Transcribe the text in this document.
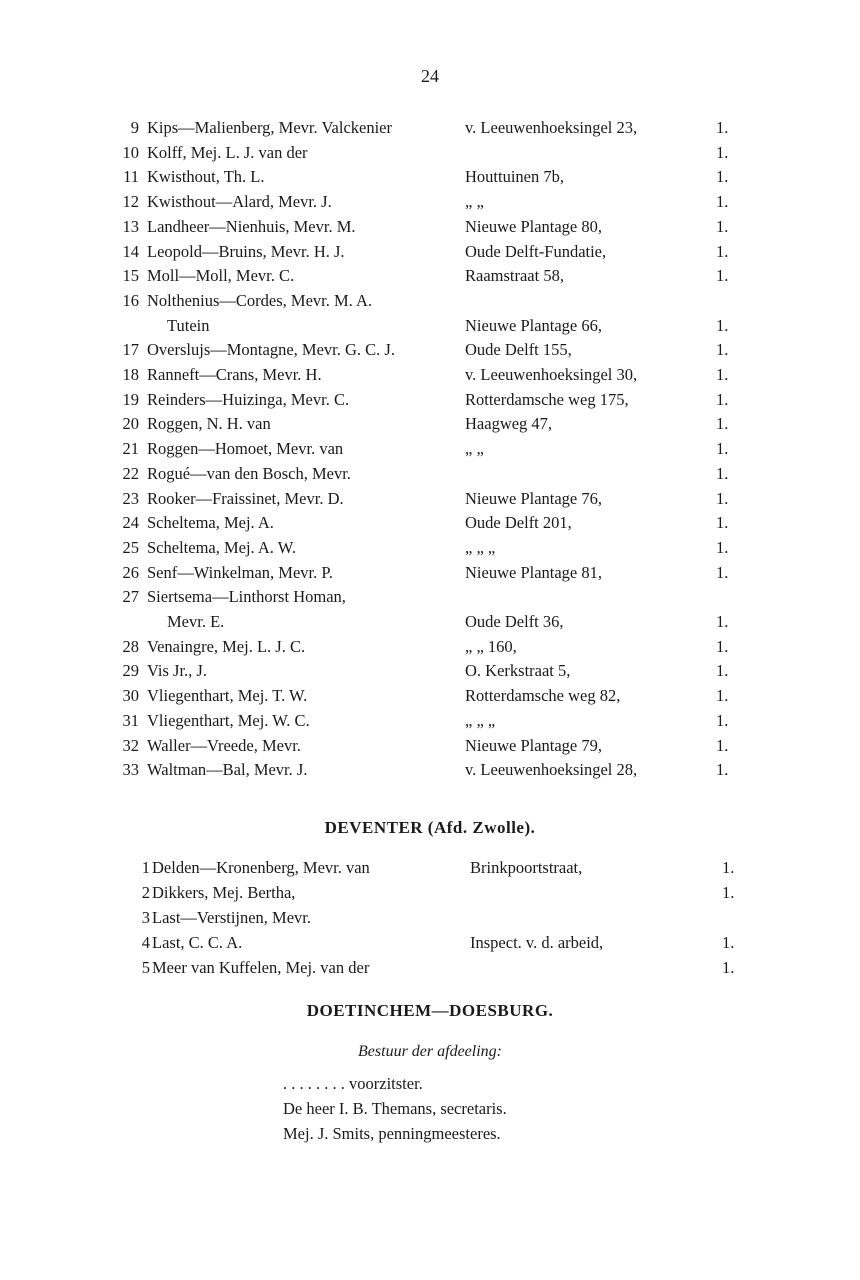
24
9 Kips—Malienberg, Mevr. Valckenier	v. Leeuwenhoeksingel 23,	1.
10 Kolff, Mej. L. J. van der	1.
11 Kwisthout, Th. L.	Houttuinen 7b,	1.
12 Kwisthout—Alard, Mevr. J.	„ „	1.
13 Landheer—Nienhuis, Mevr. M.	Nieuwe Plantage 80,	1.
14 Leopold—Bruins, Mevr. H. J.	Oude Delft-Fundatie,	1.
15 Moll—Moll, Mevr. C.	Raamstraat 58,	1.
16 Nolthenius—Cordes, Mevr. M. A.
Tutein	Nieuwe Plantage 66,	1.
17 Overslujs—Montagne, Mevr. G. C. J.	Oude Delft 155,	1.
18 Ranneft—Crans, Mevr. H.	v. Leeuwenhoeksingel 30,	1.
19 Reinders—Huizinga, Mevr. C.	Rotterdamsche weg 175,	1.
20 Roggen, N. H. van	Haagweg 47,	1.
21 Roggen—Homoet, Mevr. van	„ „	1.
22 Rogué—van den Bosch, Mevr.	1.
23 Rooker—Fraissinet, Mevr. D.	Nieuwe Plantage 76,	1.
24 Scheltema, Mej. A.	Oude Delft 201,	1.
25 Scheltema, Mej. A. W.	„ „ „	1.
26 Senf—Winkelman, Mevr. P.	Nieuwe Plantage 81,	1.
27 Siertsema—Linthorst Homan,
Mevr. E.	Oude Delft 36,	1.
28 Venaingre, Mej. L. J. C.	„ „ 160,	1.
29 Vis Jr., J.	O. Kerkstraat 5,	1.
30 Vliegenthart, Mej. T. W.	Rotterdamsche weg 82,	1.
31 Vliegenthart, Mej. W. C.	„ „ „	1.
32 Waller—Vreede, Mevr.	Nieuwe Plantage 79,	1.
33 Waltman—Bal, Mevr. J.	v. Leeuwenhoeksingel 28,	1.
DEVENTER (Afd. Zwolle).
1 Delden—Kronenberg, Mevr. van	Brinkpoortstraat,	1.
2 Dikkers, Mej. Bertha,	1.
3 Last—Verstijnen, Mevr.
4 Last, C. C. A.	Inspect. v. d. arbeid,	1.
5 Meer van Kuffelen, Mej. van der	1.
DOETINCHEM—DOESBURG.
Bestuur der afdeeling:
. . . . . . . . voorzitster.
De heer I. B. Themans, secretaris.
Mej. J. Smits, penningmeesteres.
